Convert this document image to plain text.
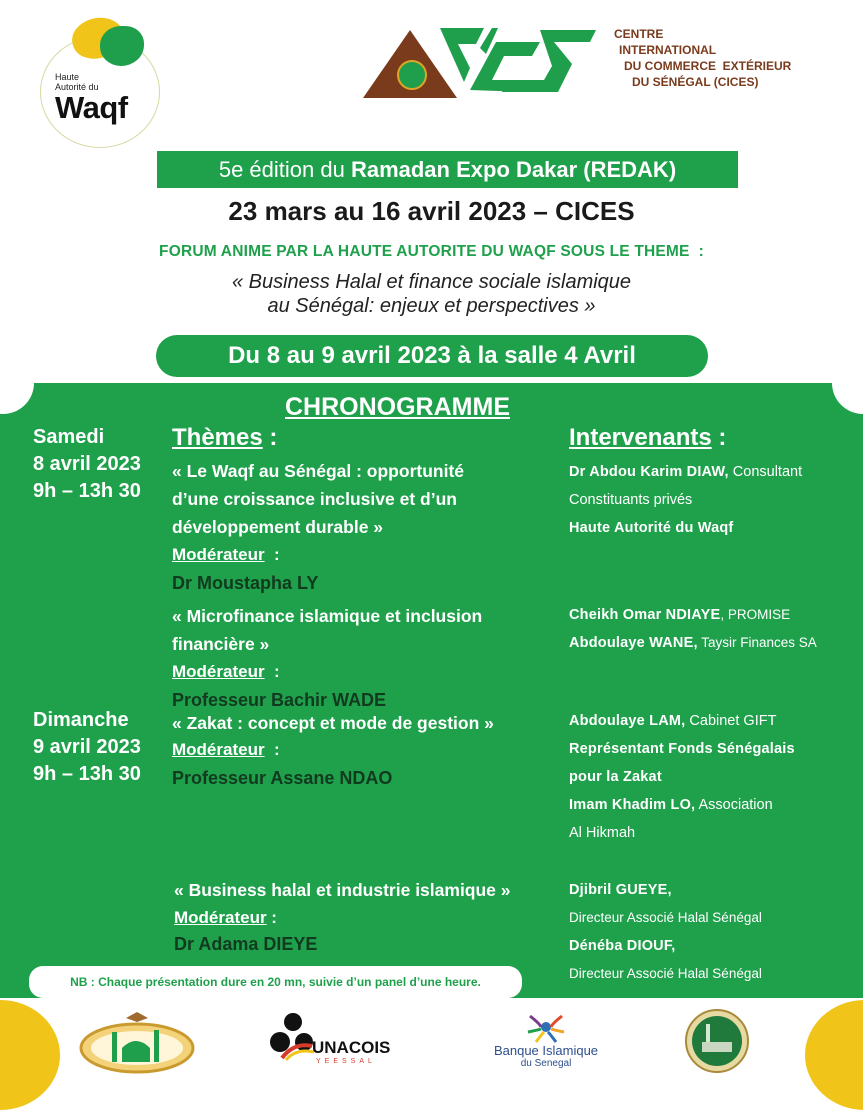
Haute
Autorité du
Waqf
CENTRE
INTERNATIONAL
DU COMMERCE  EXTÉRIEUR
DU SÉNÉGAL (CICES)
5e édition du Ramadan Expo Dakar (REDAK)
23 mars au 16 avril 2023 – CICES
FORUM ANIME PAR LA HAUTE AUTORITE DU WAQF SOUS LE THEME  :
« Business Halal et finance sociale islamique
au Sénégal: enjeux et perspectives »
Du 8 au 9 avril 2023 à la salle 4 Avril
CHRONOGRAMME
Samedi
8 avril 2023
9h – 13h 30
Dimanche
9 avril 2023
9h – 13h 30
Thèmes :	Intervenants :
« Le Waqf au Sénégal : opportunité
d’une croissance inclusive et d’un
développement durable »
Modérateur  :
Dr Moustapha LY
Dr Abdou Karim DIAW, Consultant
Constituants privés
Haute Autorité du Waqf
« Microfinance islamique et inclusion
financière »
Modérateur  :
Professeur Bachir WADE
Cheikh Omar NDIAYE, PROMISE
Abdoulaye WANE, Taysir Finances SA
« Zakat : concept et mode de gestion »
Modérateur  :
Professeur Assane NDAO
Abdoulaye LAM, Cabinet GIFT
Représentant Fonds Sénégalais
pour la Zakat
Imam Khadim LO, Association
Al Hikmah
« Business halal et industrie islamique »
Modérateur :
Dr Adama DIEYE
Djibril GUEYE,
Directeur Associé Halal Sénégal
Dénéba DIOUF,
Directeur Associé Halal Sénégal
NB : Chaque présentation dure en 20 mn, suivie d’un panel d’une heure.
UNACOIS
YEESSAL
Banque Islamique
du Senegal
